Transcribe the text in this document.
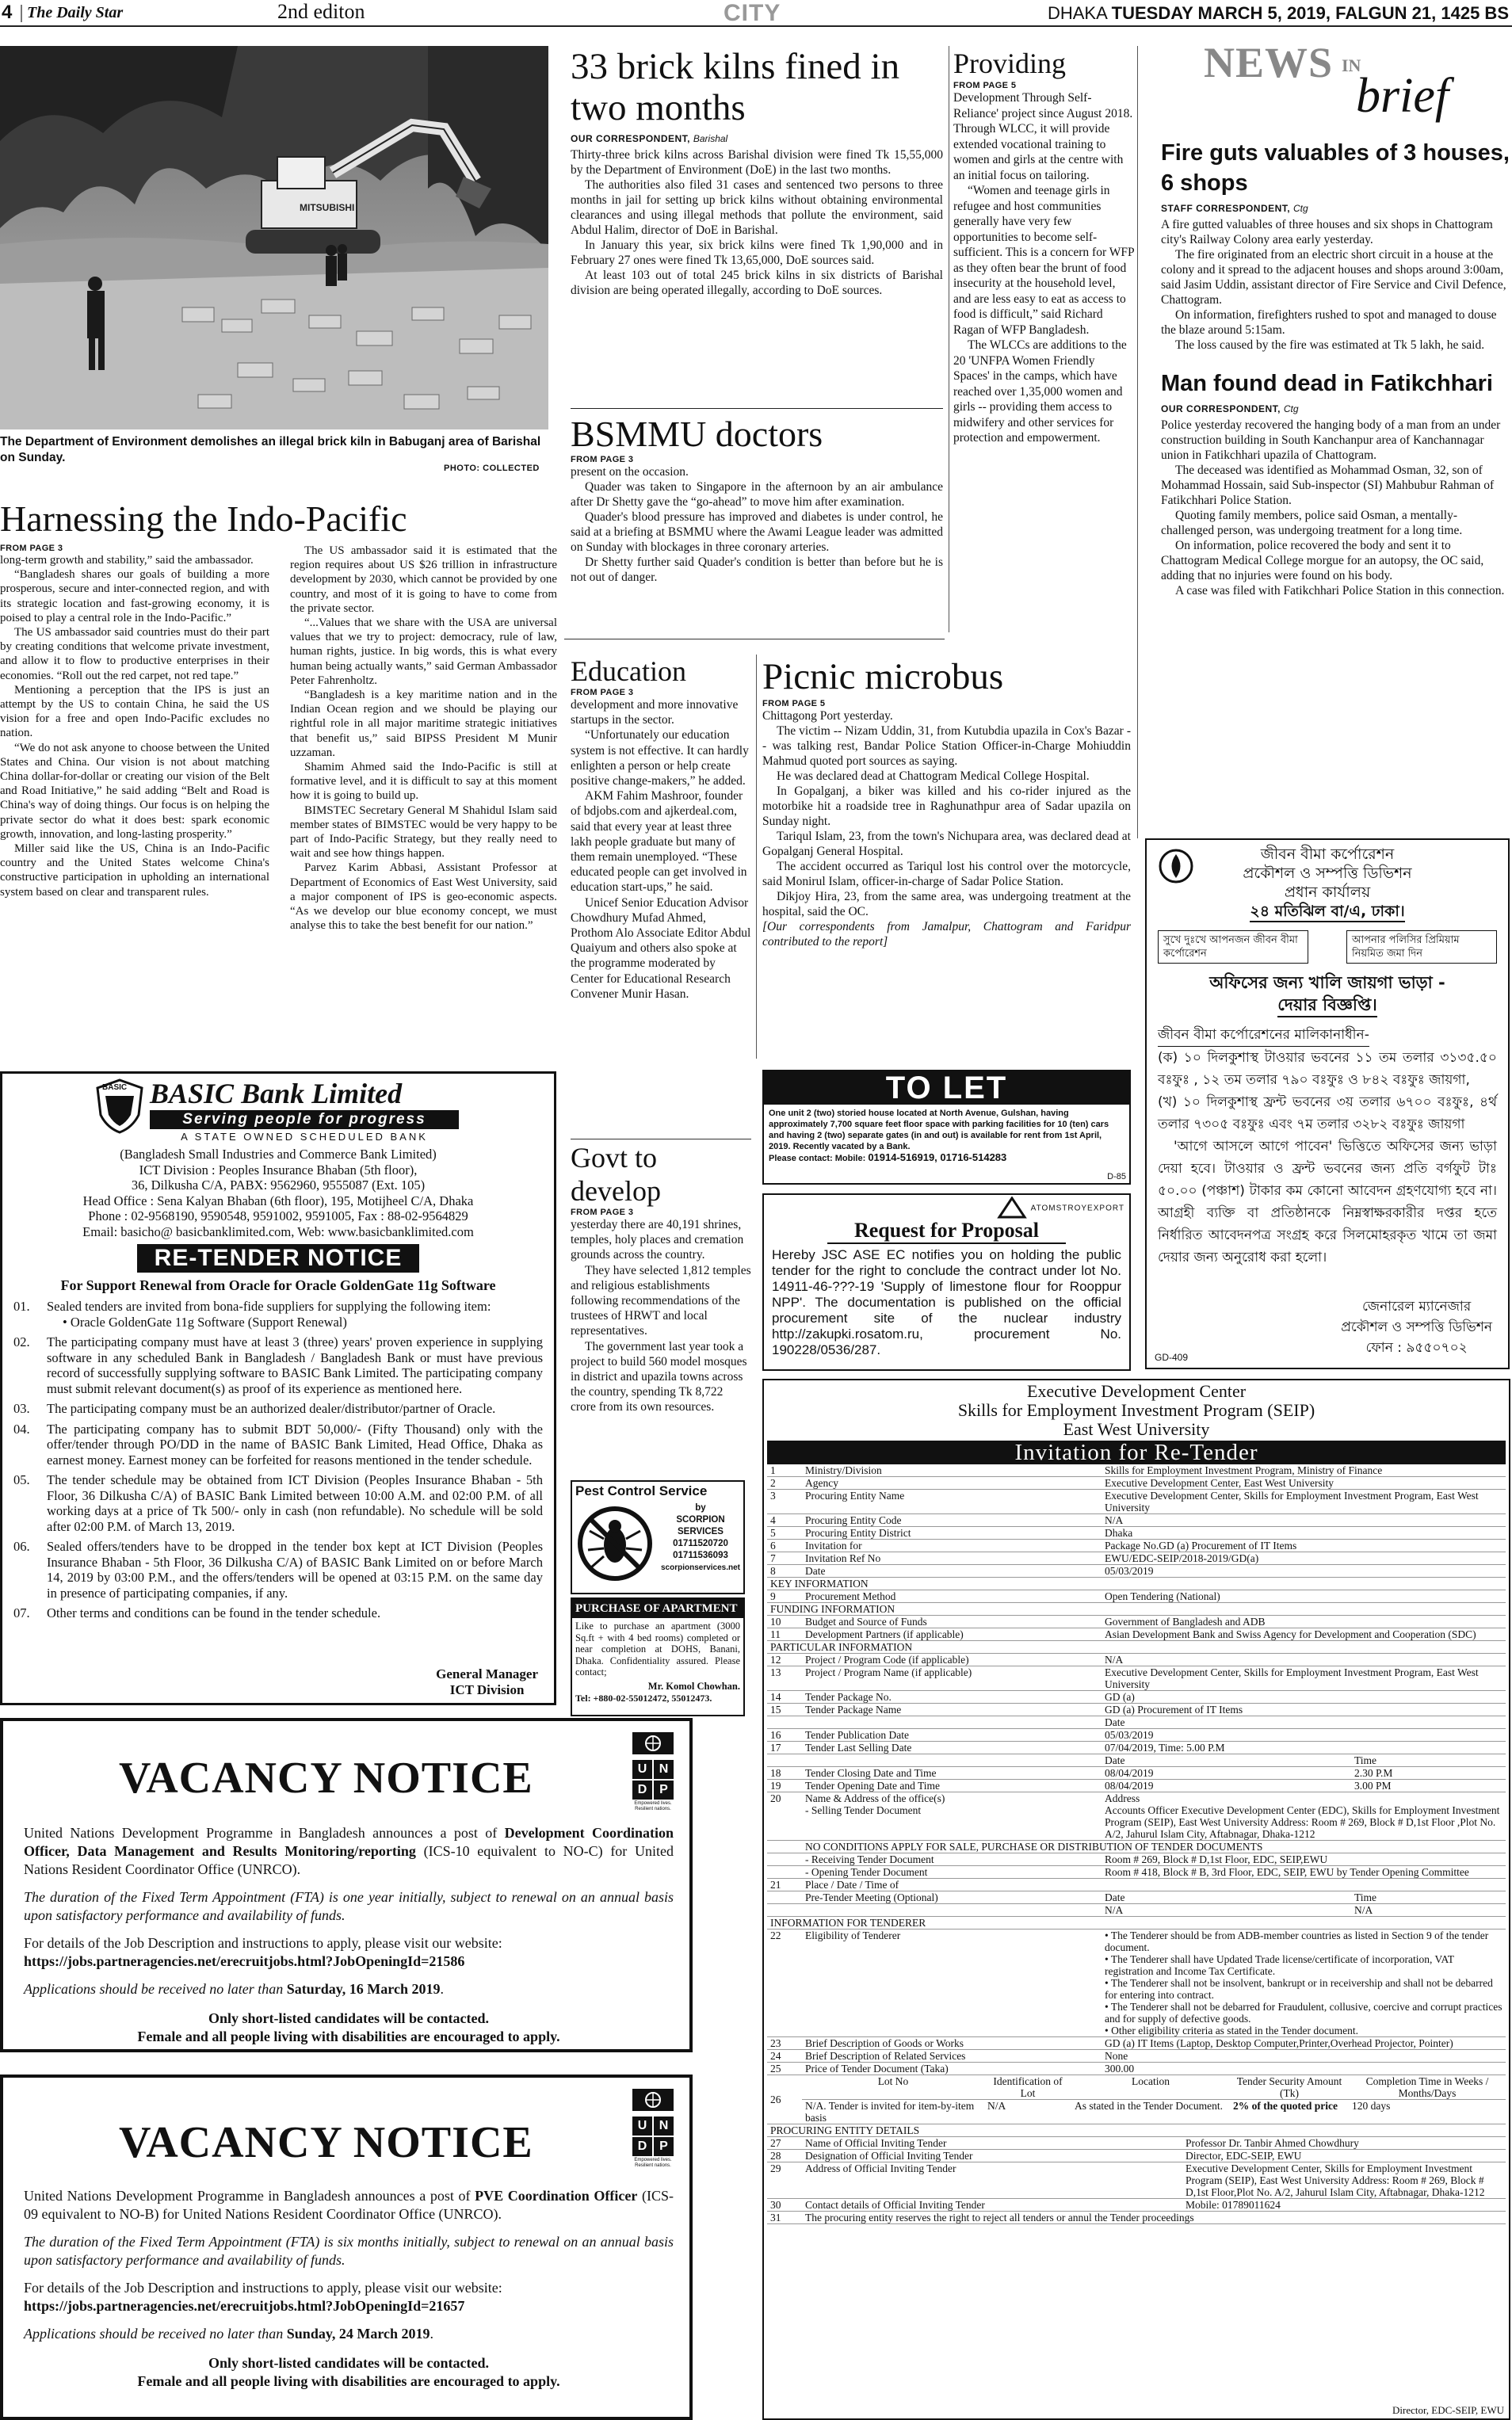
4 The Daily Star	2nd editon	CITY	DHAKA TUESDAY MARCH 5, 2019, FALGUN 21, 1425 BS
MITSUBISHI
The Department of Environment demolishes an illegal brick kiln in Babuganj area of Barishal on Sunday.
PHOTO: COLLECTED
33 brick kilns fined in two months
OUR CORRESPONDENT, Barishal

Thirty-three brick kilns across Barishal division were fined Tk 15,55,000 by the Department of Environment (DoE) in the last two months.

The authorities also filed 31 cases and sentenced two persons to three months in jail for setting up brick kilns without obtaining environmental clearances and using illegal methods that pollute the environment, said Abdul Halim, director of DoE in Barishal.

In January this year, six brick kilns were fined Tk 1,90,000 and in February 27 ones were fined Tk 13,65,000, DoE sources said.

At least 103 out of total 245 brick kilns in six districts of Barishal division are being operated illegally, according to DoE sources.

BSMMU doctors
FROM PAGE 3

present on the occasion.

Quader was taken to Singapore in the afternoon by an air ambulance after Dr Shetty gave the “go-ahead” to move him after examination.

Quader's blood pressure has improved and diabetes is under control, he said at a briefing at BSMMU where the Awami League leader was admitted on Sunday with blockages in three coronary arteries.

Dr Shetty further said Quader's condition is better than before but he is not out of danger.

Providing
FROM PAGE 5

Development Through Self-Reliance' project since August 2018. Through WLCC, it will provide extended vocational training to women and girls at the centre with an initial focus on tailoring.

“Women and teenage girls in refugee and host communities generally have very few opportunities to become self-sufficient. This is a concern for WFP as they often bear the brunt of food insecurity at the household level, and are less easy to eat as access to food is difficult,” said Richard Ragan of WFP Bangladesh.

The WLCCs are additions to the 20 'UNFPA Women Friendly Spaces' in the camps, which have reached over 1,35,000 women and girls -- providing them access to midwifery and other services for protection and empowerment.

NEWS IN
brief
Fire guts valuables of 3 houses, 6 shops
STAFF CORRESPONDENT, Ctg

A fire gutted valuables of three houses and six shops in Chattogram city's Railway Colony area early yesterday.

The fire originated from an electric short circuit in a house at the colony and it spread to the adjacent houses and shops around 3:00am, said Jasim Uddin, assistant director of Fire Service and Civil Defence, Chattogram.

On information, firefighters rushed to spot and managed to douse the blaze around 5:15am.

The loss caused by the fire was estimated at Tk 5 lakh, he said.

Man found dead in Fatikchhari
OUR CORRESPONDENT, Ctg

Police yesterday recovered the hanging body of a man from an under construction building in South Kanchanpur area of Kanchannagar union in Fatikchhari upazila of Chattogram.

The deceased was identified as Mohammad Osman, 32, son of Mohammad Hossain, said Sub-inspector (SI) Mahbubur Rahman of Fatikchhari Police Station.

Quoting family members, police said Osman, a mentally-challenged person, was undergoing treatment for a long time.

On information, police recovered the body and sent it to Chattogram Medical College morgue for an autopsy, the OC said, adding that no injuries were found on his body.

A case was filed with Fatikchhari Police Station in this connection.

Harnessing the Indo-Pacific
FROM PAGE 3

long-term growth and stability,” said the ambassador.

“Bangladesh shares our goals of building a more prosperous, secure and inter-connected region, and with its strategic location and fast-growing economy, it is poised to play a central role in the Indo-Pacific.”

The US ambassador said countries must do their part by creating conditions that welcome private investment, and allow it to flow to productive enterprises in their economies. “Roll out the red carpet, not red tape.”

Mentioning a perception that the IPS is just an attempt by the US to contain China, he said the US vision for a free and open Indo-Pacific excludes no nation.

“We do not ask anyone to choose between the United States and China. Our vision is not about matching China dollar-for-dollar or creating our vision of the Belt and Road Initiative,” he said adding “Belt and Road is China's way of doing things. Our focus is on helping the private sector do what it does best: spark economic growth, innovation, and long-lasting prosperity.”

Miller said like the US, China is an Indo-Pacific country and the United States welcome China's constructive participation in upholding an international system based on clear and transparent rules.

The US ambassador said it is estimated that the region requires about US $26 trillion in infrastructure development by 2030, which cannot be provided by one country, and most of it is going to have to come from the private sector.

“...Values that we share with the USA are universal values that we try to project: democracy, rule of law, human rights, justice. In big words, this is what every human being actually wants,” said German Ambassador Peter Fahrenholtz.

“Bangladesh is a key maritime nation and in the Indian Ocean region and we should be playing our rightful role in all major maritime strategic initiatives that benefit us,” said BIPSS President M Munir uzzaman.

Shamim Ahmed said the Indo-Pacific is still at formative level, and it is difficult to say at this moment how it is going to build up.

BIMSTEC Secretary General M Shahidul Islam said member states of BIMSTEC would be very happy to be part of Indo-Pacific Strategy, but they really need to wait and see how things happen.

Parvez Karim Abbasi, Assistant Professor at Department of Economics of East West University, said a major component of IPS is geo-economic aspects. “As we develop our blue economy concept, we must analyse this to take the best benefit for our nation.”

Education
FROM PAGE 3

development and more innovative startups in the sector.

“Unfortunately our education system is not effective. It can hardly enlighten a person or help create positive change-makers,” he added.

AKM Fahim Mashroor, founder of bdjobs.com and ajkerdeal.com, said that every year at least three lakh people graduate but many of them remain unemployed. “These educated people can get involved in education start-ups,” he said.

Unicef Senior Education Advisor Chowdhury Mufad Ahmed, Prothom Alo Associate Editor Abdul Quaiyum and others also spoke at the programme moderated by Center for Educational Research Convener Munir Hasan.

Govt to develop
FROM PAGE 3

yesterday there are 40,191 shrines, temples, holy places and cremation grounds across the country.

They have selected 1,812 temples and religious establishments following recommendations of the trustees of HRWT and local representatives.

The government last year took a project to build 560 model mosques in district and upazila towns across the country, spending Tk 8,722 crore from its own resources.

Picnic microbus
FROM PAGE 5

Chittagong Port yesterday.

The victim -- Nizam Uddin, 31, from Kutubdia upazila in Cox's Bazar -- was talking rest, Bandar Police Station Officer-in-Charge Mohiuddin Mahmud quoted port sources as saying.

He was declared dead at Chattogram Medical College Hospital.

In Gopalganj, a biker was killed and his co-rider injured as the motorbike hit a roadside tree in Raghunathpur area of Sadar upazila on Sunday night.

Tariqul Islam, 23, from the town's Nichupara area, was declared dead at Gopalganj General Hospital.

The accident occurred as Tariqul lost his control over the motorcycle, said Monirul Islam, officer-in-charge of Sadar Police Station.

Dikjoy Hira, 23, from the same area, was undergoing treatment at the hospital, said the OC.

[Our correspondents from Jamalpur, Chattogram and Faridpur contributed to the report]

TO LET
One unit 2 (two) storied house located at North Avenue, Gulshan, having approximately 7,700 square feet floor space with parking facilities for 10 (ten) cars and having 2 (two) separate gates (in and out) is available for rent from 1st April, 2019. Recently vacated by a Bank.
Please contact: Mobile: 01914-516919, 01716-514283
D-85
ATOMSTROYEXPORT
Request for Proposal
Hereby JSC ASE EC notifies you on holding the public tender for the right to conclude the contract under lot No. 14911-46-???-19 'Supply of limestone flour for Rooppur NPP'. The documentation is published on the official procurement site of the nuclear industry http://zakupki.rosatom.ru, procurement No. 190228/0536/287.
জীবন বীমা কর্পোরেশন
প্রকৌশল ও সম্পত্তি ডিভিশন
প্রধান কার্যালয়
২৪ মতিঝিল বা/এ, ঢাকা।
সুখে দুঃখে আপনজন জীবন বীমা কর্পোরেশন
আপনার পলিসির প্রিমিয়াম নিয়মিত জমা দিন
অফিসের জন্য খালি জায়গা ভাড়া -
দেয়ার বিজ্ঞপ্তি।

জীবন বীমা কর্পোরেশনের মালিকানাধীন-

(ক) ১০ দিলকুশাস্থ টাওয়ার ভবনের ১১ তম তলার ৩১৩৫.৫০ বঃফুঃ , ১২ তম তলার ৭৯০ বঃফুঃ ও ৮৪২ বঃফুঃ জায়গা,

(খ) ১০ দিলকুশাস্থ ফ্রন্ট ভবনের ৩য় তলার ৬৭০০ বঃফুঃ, ৪র্থ তলার ৭৩০৫ বঃফুঃ এবং ৭ম তলার ৩২৮২ বঃফুঃ জায়গা

'আগে আসলে আগে পাবেন' ভিত্তিতে অফিসের জন্য ভাড়া দেয়া হবে। টাওয়ার ও ফ্রন্ট ভবনের জন্য প্রতি বর্গফুট টাঃ ৫০.০০ (পঞ্চাশ) টাকার কম কোনো আবেদন গ্রহণযোগ্য হবে না। আগ্রহী ব্যক্তি বা প্রতিষ্ঠানকে নিম্নস্বাক্ষরকারীর দপ্তর হতে নির্ধারিত আবেদনপত্র সংগ্রহ করে সিলমোহরকৃত খামে তা জমা দেয়ার জন্য অনুরোধ করা হলো।

জেনারেল ম্যানেজার
প্রকৌশল ও সম্পত্তি ডিভিশন
ফোন : ৯৫৫০৭০২
GD-409
BASIC BASIC Bank Limited
Serving people for progress
A STATE OWNED SCHEDULED BANK
(Bangladesh Small Industries and Commerce Bank Limited)
ICT Division : Peoples Insurance Bhaban (5th floor),
36, Dilkusha C/A, PABX: 9562960, 9555087 (Ext. 105)
Head Office : Sena Kalyan Bhaban (6th floor), 195, Motijheel C/A, Dhaka
Phone : 02-9568190, 9590548, 9591002, 9591005, Fax : 88-02-9564829
Email: basicho@ basicbanklimited.com, Web: www.basicbanklimited.com
RE-TENDER NOTICE
For Support Renewal from Oracle for Oracle GoldenGate 11g Software
01.	Sealed tenders are invited from bona-fide suppliers for supplying the following item:
• Oracle GoldenGate 11g Software (Support Renewal)
02.	The participating company must have at least 3 (three) years' proven experience in supplying software in any scheduled Bank in Bangladesh / Bangladesh Bank or must have previous record of successfully supplying software to BASIC Bank Limited. The participating company must submit relevant document(s) as proof of its experience as mentioned here.
03.	The participating company must be an authorized dealer/distributor/partner of Oracle.
04.	The participating company has to submit BDT 50,000/- (Fifty Thousand) only with the offer/tender through PO/DD in the name of BASIC Bank Limited, Head Office, Dhaka as earnest money. Earnest money can be forfeited for reasons mentioned in the tender schedule.
05.	The tender schedule may be obtained from ICT Division (Peoples Insurance Bhaban - 5th Floor, 36 Dilkusha C/A) of BASIC Bank Limited between 10:00 A.M. and 02:00 P.M. of all working days at a price of Tk 500/- only in cash (non refundable). No schedule will be sold after 02:00 P.M. of March 13, 2019.
06.	Sealed offers/tenders have to be dropped in the tender box kept at ICT Division (Peoples Insurance Bhaban - 5th Floor, 36 Dilkusha C/A) of BASIC Bank Limited on or before March 14, 2019 by 03:00 P.M., and the offers/tenders will be opened at 03:15 P.M. on the same day in presence of participating companies, if any.
07.	Other terms and conditions can be found in the tender schedule.
General Manager
ICT Division
Pest Control Service
by
SCORPION
SERVICES
01711520720
01711536093
scorpionservices.net
PURCHASE OF APARTMENT
Like to purchase an apartment (3000 Sq.ft + with 4 bed rooms) completed or near completion at DOHS, Banani, Dhaka. Confidentiality assured. Please contact;
Mr. Komol Chowhan.
Tel: +880-02-55012472, 55012473.
VACANCY NOTICE	U N
D P
Empowered lives. Resilient nations.

United Nations Development Programme in Bangladesh announces a post of Development Coordination Officer, Data Management and Results Monitoring/reporting (ICS-10 equivalent to NO-C) for United Nations Resident Coordinator Office (UNRCO).

The duration of the Fixed Term Appointment (FTA) is one year initially, subject to renewal on an annual basis upon satisfactory performance and availability of funds.

For details of the Job Description and instructions to apply, please visit our website:

https://jobs.partneragencies.net/erecruitjobs.html?JobOpeningId=21586

Applications should be received no later than Saturday, 16 March 2019.

Only short-listed candidates will be contacted.

Female and all people living with disabilities are encouraged to apply.

VACANCY NOTICE	U N
D P
Empowered lives. Resilient nations.

United Nations Development Programme in Bangladesh announces a post of PVE Coordination Officer (ICS-09 equivalent to NO-B) for United Nations Resident Coordinator Office (UNRCO).

The duration of the Fixed Term Appointment (FTA) is six months initially, subject to renewal on an annual basis upon satisfactory performance and availability of funds.

For details of the Job Description and instructions to apply, please visit our website:

https://jobs.partneragencies.net/erecruitjobs.html?JobOpeningId=21657

Applications should be received no later than Sunday, 24 March 2019.

Only short-listed candidates will be contacted.

Female and all people living with disabilities are encouraged to apply.

Executive Development Center
Skills for Employment Investment Program (SEIP)
East West University
Invitation for Re-Tender
1	Ministry/Division	Skills for Employment Investment Program, Ministry of Finance
2	Agency	Executive Development Center, East West University
3	Procuring Entity Name	Executive Development Center, Skills for Employment Investment Program, East West University
4	Procuring Entity Code	N/A
5	Procuring Entity District	Dhaka
6	Invitation for	Package No.GD (a) Procurement of IT Items
7	Invitation Ref No	EWU/EDC-SEIP/2018-2019/GD(a)
8	Date	05/03/2019
KEY INFORMATION		
9	Procurement Method	Open Tendering (National)
FUNDING INFORMATION		
10	Budget and Source of Funds	Government of Bangladesh and ADB
11	Development Partners (if applicable)	Asian Development Bank and Swiss Agency for Development and Cooperation (SDC)
PARTICULAR INFORMATION		
12	Project / Program Code (if applicable)	N/A
13	Project / Program Name (if applicable)	Executive Development Center, Skills for Employment Investment Program, East West University
14	Tender Package No.	GD (a)
15	Tender Package Name	GD (a) Procurement of IT Items
		Date
16	Tender Publication Date	05/03/2019
17	Tender Last Selling Date	07/04/2019, Time: 5.00 P.M
		Date	Time
18	Tender Closing Date and Time	08/04/2019	2.30 P.M
19	Tender Opening Date and Time	08/04/2019	3.00 PM
20	Name & Address of the office(s)
- Selling Tender Document	Address
Accounts Officer Executive Development Center (EDC), Skills for Employment Investment Program (SEIP), East West University Address: Room # 269, Block # D,1st Floor ,Plot No. A/2, Jahurul Islam City, Aftabnagar, Dhaka-1212
	NO CONDITIONS APPLY FOR SALE, PURCHASE OR DISTRIBUTION OF TENDER DOCUMENTS	
	- Receiving Tender Document	Room # 269, Block # D,1st Floor, EDC, SEIP,EWU
	- Opening Tender Document	Room # 418, Block # B, 3rd Floor, EDC, SEIP, EWU by Tender Opening Committee
21	Place / Date / Time of		
	Pre-Tender Meeting (Optional)	Date	Time
		N/A	N/A
INFORMATION FOR TENDERER			
22	Eligibility of Tenderer	• The Tenderer should be from ADB-member countries as listed in Section 9 of the tender document.
• The Tenderer shall have Updated Trade license/certificate of incorporation, VAT registration and Income Tax Certificate.
• The Tenderer shall not be insolvent, bankrupt or in receivership and shall not be debarred for entering into contract.
• The Tenderer shall not be debarred for Fraudulent, collusive, coercive and corrupt practices and for supply of defective goods.
• Other eligibility criteria as stated in the Tender document.

23	Brief Description of Goods or Works	GD (a) IT Items (Laptop, Desktop Computer,Printer,Overhead Projector, Pointer)
24	Brief Description of Related Services	None
25	Price of Tender Document (Taka)	300.00
26	Lot No	Identification of Lot	Location	Tender Security Amount (Tk)	Completion Time in Weeks / Months/Days
	N/A. Tender is invited for item-by-item basis	N/A	As stated in the Tender Document.	2% of the quoted price	120 days
PROCURING ENTITY DETAILS		
27	Name of Official Inviting Tender	Professor Dr. Tanbir Ahmed Chowdhury
28	Designation of Official Inviting Tender	Director, EDC-SEIP, EWU
29	Address of Official Inviting Tender	Executive Development Center, Skills for Employment Investment Program (SEIP), East West University Address: Room # 269, Block # D,1st Floor,Plot No. A/2, Jahurul Islam City, Aftabnagar, Dhaka-1212
30	Contact details of Official Inviting Tender	Mobile: 01789011624
31	The procuring entity reserves the right to reject all tenders or annul the Tender proceedings	
Director, EDC-SEIP, EWU
